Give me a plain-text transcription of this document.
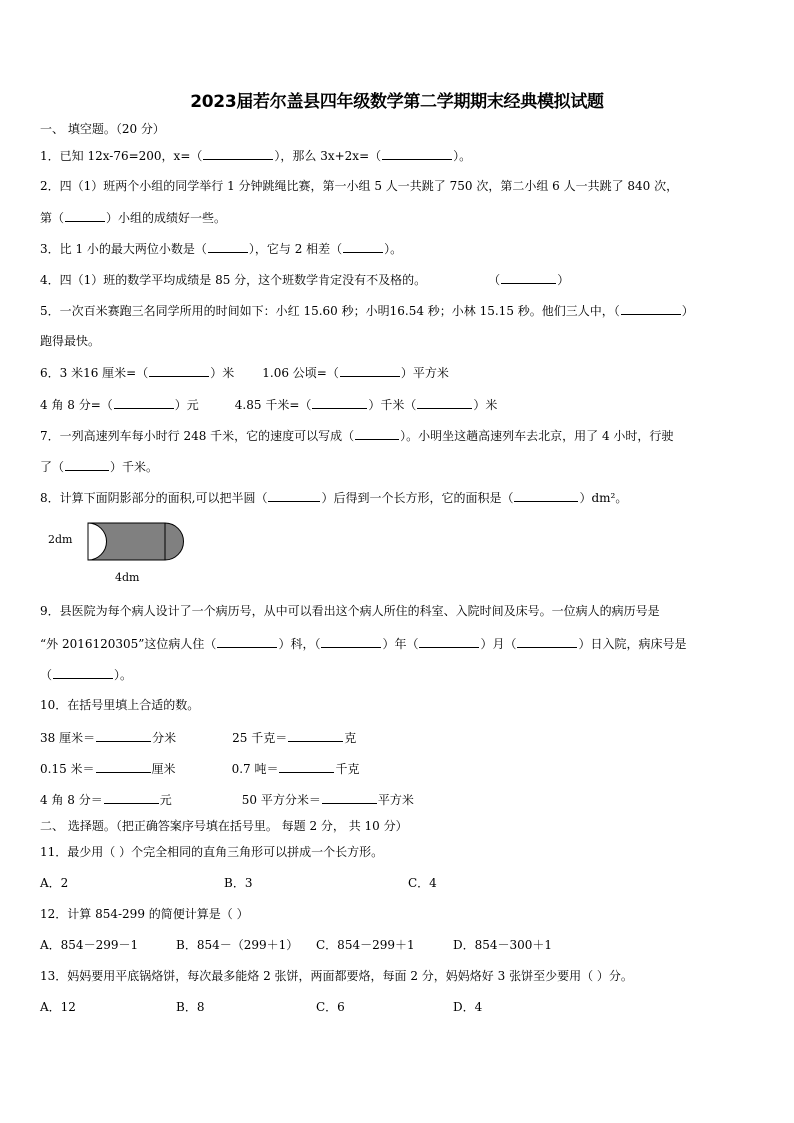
2023届若尔盖县四年级数学第二学期期末经典模拟试题
一、 填空题。（20 分）
1．已知 12x-76=200，x=（	），那么 3x+2x=（	）。
2．四（1）班两个小组的同学举行 1 分钟跳绳比赛，第一小组 5 人一共跳了 750 次，第二小组 6 人一共跳了 840 次，
第（	）小组的成绩好一些。
3．比 1 小的最大两位小数是（	），它与 2 相差（	）。
4．四（1）班的数学平均成绩是 85 分，这个班数学肯定没有不及格的。	（	）
5．一次百米赛跑三名同学所用的时间如下：小红 15.60 秒；小明16.54 秒；小林 15.15 秒。他们三人中，（	）
跑得最快。
6．3 米16 厘米=（	）米 1.06 公顷=（	）平方米
4 角 8 分=（	）元	4.85 千米=（	）千米（	）米
7．一列高速列车每小时行 248 千米，它的速度可以写成（	）。小明坐这趟高速列车去北京，用了 4 小时，行驶
了（	）千米。
8．计算下面阴影部分的面积,可以把半圆（	）后得到一个长方形，它的面积是（	）dm²。
2dm
4dm
9．县医院为每个病人设计了一个病历号，从中可以看出这个病人所住的科室、入院时间及床号。一位病人的病历号是
“外 2016120305”这位病人住（	）科，（	）年（	）月（	）日入院，病床号是
（	）。
10．在括号里填上合适的数。
38 厘米＝	分米	25 千克＝	克
0.15 米＝	厘米	0.7 吨＝	千克
4 角 8 分＝	元	50 平方分米＝	平方米
二、 选择题。（把正确答案序号填在括号里。 每题 2 分， 共 10 分）
11．最少用（ ）个完全相同的直角三角形可以拼成一个长方形。
A．2	B．3	C．4
12．计算 854-299 的简便计算是（ ）
A．854－299－1	B．854－（299＋1） C．854－299＋1	D．854－300＋1
13．妈妈要用平底锅烙饼，每次最多能烙 2 张饼，两面都要烙，每面 2 分，妈妈烙好 3 张饼至少要用（ ）分。
A．12	B．8	C．6	D．4
